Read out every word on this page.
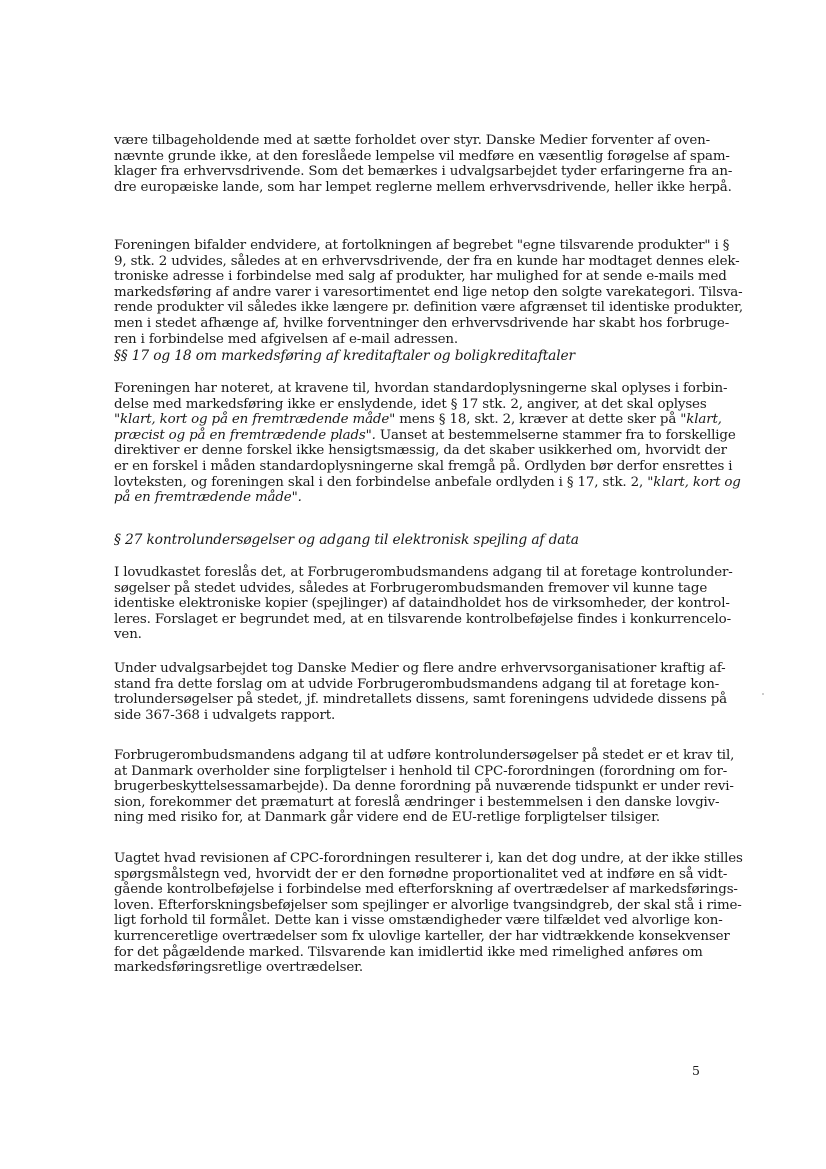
være tilbageholdende med at sætte forholdet over styr. Danske Medier forventer af oven-
nævnte grunde ikke, at den foreslåede lempelse vil medføre en væsentlig forøgelse af spam-
klager fra erhvervsdrivende. Som det bemærkes i udvalgsarbejdet tyder erfaringerne fra an-
dre europæiske lande, som har lempet reglerne mellem erhvervsdrivende, heller ikke herpå.
Foreningen bifalder endvidere, at fortolkningen af begrebet "egne tilsvarende produkter" i §
9, stk. 2 udvides, således at en erhvervsdrivende, der fra en kunde har modtaget dennes elek-
troniske adresse i forbindelse med salg af produkter, har mulighed for at sende e-mails med
markedsføring af andre varer i varesortimentet end lige netop den solgte varekategori. Tilsva-
rende produkter vil således ikke længere pr. definition være afgrænset til identiske produkter,
men i stedet afhænge af, hvilke forventninger den erhvervsdrivende har skabt hos forbruge-
ren i forbindelse med afgivelsen af e-mail adressen.
§§ 17 og 18 om markedsføring af kreditaftaler og boligkreditaftaler
Foreningen har noteret, at kravene til, hvordan standardoplysningerne skal oplyses i forbin-
delse med markedsføring ikke er enslydende, idet § 17 stk. 2, angiver, at det skal oplyses
"klart, kort og på en fremtrædende måde" mens § 18, skt. 2, kræver at dette sker på "klart,
præcist og på en fremtrædende plads". Uanset at bestemmelserne stammer fra to forskellige
direktiver er denne forskel ikke hensigtsmæssig, da det skaber usikkerhed om, hvorvidt der
er en forskel i måden standardoplysningerne skal fremgå på. Ordlyden bør derfor ensrettes i
lovteksten, og foreningen skal i den forbindelse anbefale ordlyden i § 17, stk. 2, "klart, kort og
på en fremtrædende måde".
§ 27 kontrolundersøgelser og adgang til elektronisk spejling af data
I lovudkastet foreslås det, at Forbrugerombudsmandens adgang til at foretage kontrolunder-
søgelser på stedet udvides, således at Forbrugerombudsmanden fremover vil kunne tage
identiske elektroniske kopier (spejlinger) af dataindholdet hos de virksomheder, der kontrol-
leres. Forslaget er begrundet med, at en tilsvarende kontrolbeføjelse findes i konkurrencelo-
ven.
Under udvalgsarbejdet tog Danske Medier og flere andre erhvervsorganisationer kraftig af-
stand fra dette forslag om at udvide Forbrugerombudsmandens adgang til at foretage kon-
trolundersøgelser på stedet, jf. mindretallets dissens, samt foreningens udvidede dissens på
side 367-368 i udvalgets rapport.
Forbrugerombudsmandens adgang til at udføre kontrolundersøgelser på stedet er et krav til,
at Danmark overholder sine forpligtelser i henhold til CPC-forordningen (forordning om for-
brugerbeskyttelsessamarbejde). Da denne forordning på nuværende tidspunkt er under revi-
sion, forekommer det præmaturt at foreslå ændringer i bestemmelsen i den danske lovgiv-
ning med risiko for, at Danmark går videre end de EU-retlige forpligtelser tilsiger.
Uagtet hvad revisionen af CPC-forordningen resulterer i, kan det dog undre, at der ikke stilles
spørgsmålstegn ved, hvorvidt der er den fornødne proportionalitet ved at indføre en så vidt-
gående kontrolbeføjelse i forbindelse med efterforskning af overtrædelser af markedsførings-
loven. Efterforskningsbeføjelser som spejlinger er alvorlige tvangsindgreb, der skal stå i rime-
ligt forhold til formålet. Dette kan i visse omstændigheder være tilfældet ved alvorlige kon-
kurrenceretlige overtrædelser som fx ulovlige karteller, der har vidtrækkende konsekvenser
for det pågældende marked. Tilsvarende kan imidlertid ikke med rimelighed anføres om
markedsføringsretlige overtrædelser.
5
